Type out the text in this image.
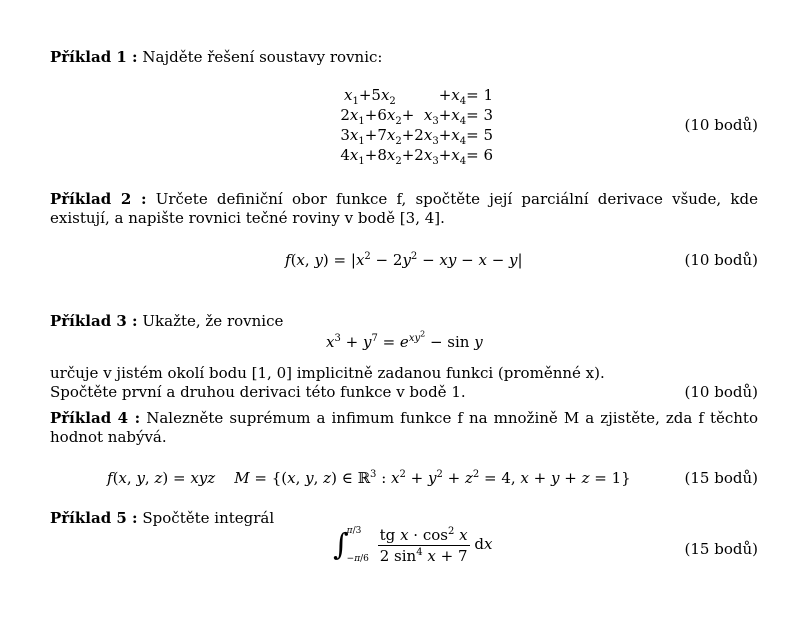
Příklad 1 : Najděte řešení soustavy rovnic:
$x_1+5x_2$         $+x_4= 1$
$2x_1+6x_2+ x_3+x_4= 3$
$3x_1+7x_2+2x_3+x_4= 5$
$4x_1+8x_2+2x_3+x_4= 6$
(10 bodů)
Příklad 2 : Určete definiční obor funkce f, spočtěte její parciální derivace všude, kde existují, a napište rovnici tečné roviny v bodě [3, 4].
f(x, $y) = |x^2 - 2y^2$ − xy − x − y|	(10 bodů)
Příklad 3 : Ukažte, že rovnice
$x^3 + y^7 = e^{xy^2} - \sin y$
určuje v jistém okolí bodu [1, 0] implicitně zadanou funkci (proměnné x). Spočtěte první a druhou derivaci této funkce v bodě 1.	(10 bodů)
Příklad 4 : Nalezněte suprémum a infimum funkce f na množině M a zjistěte, zda f těchto hodnot nabývá.
f(x, y, z) = xyz M = {(x, y, z) ∈ ℝ$^3$ : $x^2 + y^2 + z^2 = 4$, x + y + z = 1}	(15 bodů)
Příklad 5 : Spočtěte integrál
∫
π/3
−π/6
$\frac{tg x \cdot \cos^2 x}{2 \sin^4 x + 7}$ dx	(15 bodů)
